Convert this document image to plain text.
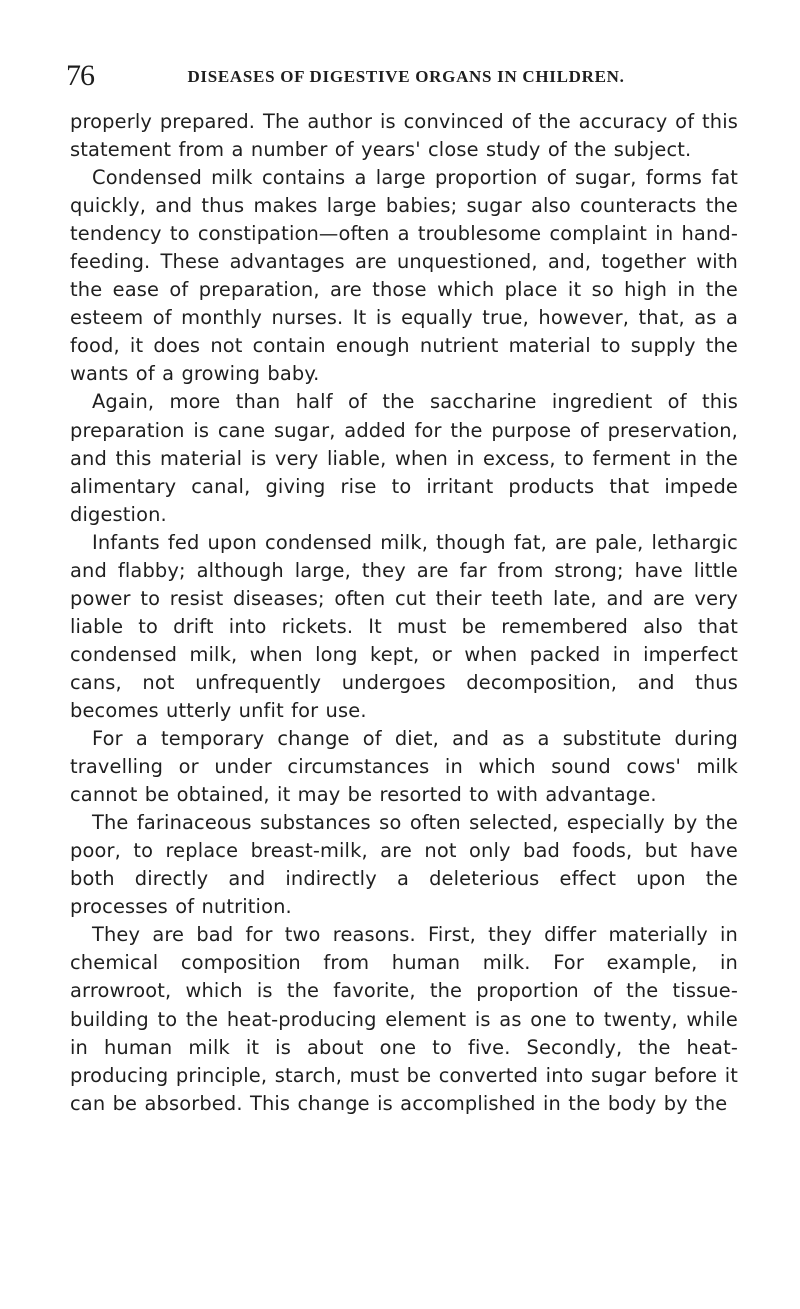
76	DISEASES OF DIGESTIVE ORGANS IN CHILDREN.

properly prepared. The author is convinced of the accuracy of this statement from a number of years' close study of the subject.

Condensed milk contains a large proportion of sugar, forms fat quickly, and thus makes large babies; sugar also counteracts the tendency to constipation—often a troublesome complaint in hand-feeding. These advantages are unquestioned, and, together with the ease of preparation, are those which place it so high in the esteem of monthly nurses. It is equally true, however, that, as a food, it does not contain enough nutrient material to supply the wants of a growing baby.

Again, more than half of the saccharine ingredient of this preparation is cane sugar, added for the purpose of preservation, and this material is very liable, when in excess, to ferment in the alimentary canal, giving rise to irritant products that impede digestion.

Infants fed upon condensed milk, though fat, are pale, lethargic and flabby; although large, they are far from strong; have little power to resist diseases; often cut their teeth late, and are very liable to drift into rickets. It must be remembered also that condensed milk, when long kept, or when packed in imperfect cans, not unfrequently undergoes decomposition, and thus becomes utterly unfit for use.

For a temporary change of diet, and as a substitute during travelling or under circumstances in which sound cows' milk cannot be obtained, it may be resorted to with advantage.

The farinaceous substances so often selected, especially by the poor, to replace breast-milk, are not only bad foods, but have both directly and indirectly a deleterious effect upon the processes of nutrition.

They are bad for two reasons. First, they differ materially in chemical composition from human milk. For example, in arrowroot, which is the favorite, the proportion of the tissue-building to the heat-producing element is as one to twenty, while in human milk it is about one to five. Secondly, the heat-producing principle, starch, must be converted into sugar before it can be absorbed. This change is accomplished in the body by the
